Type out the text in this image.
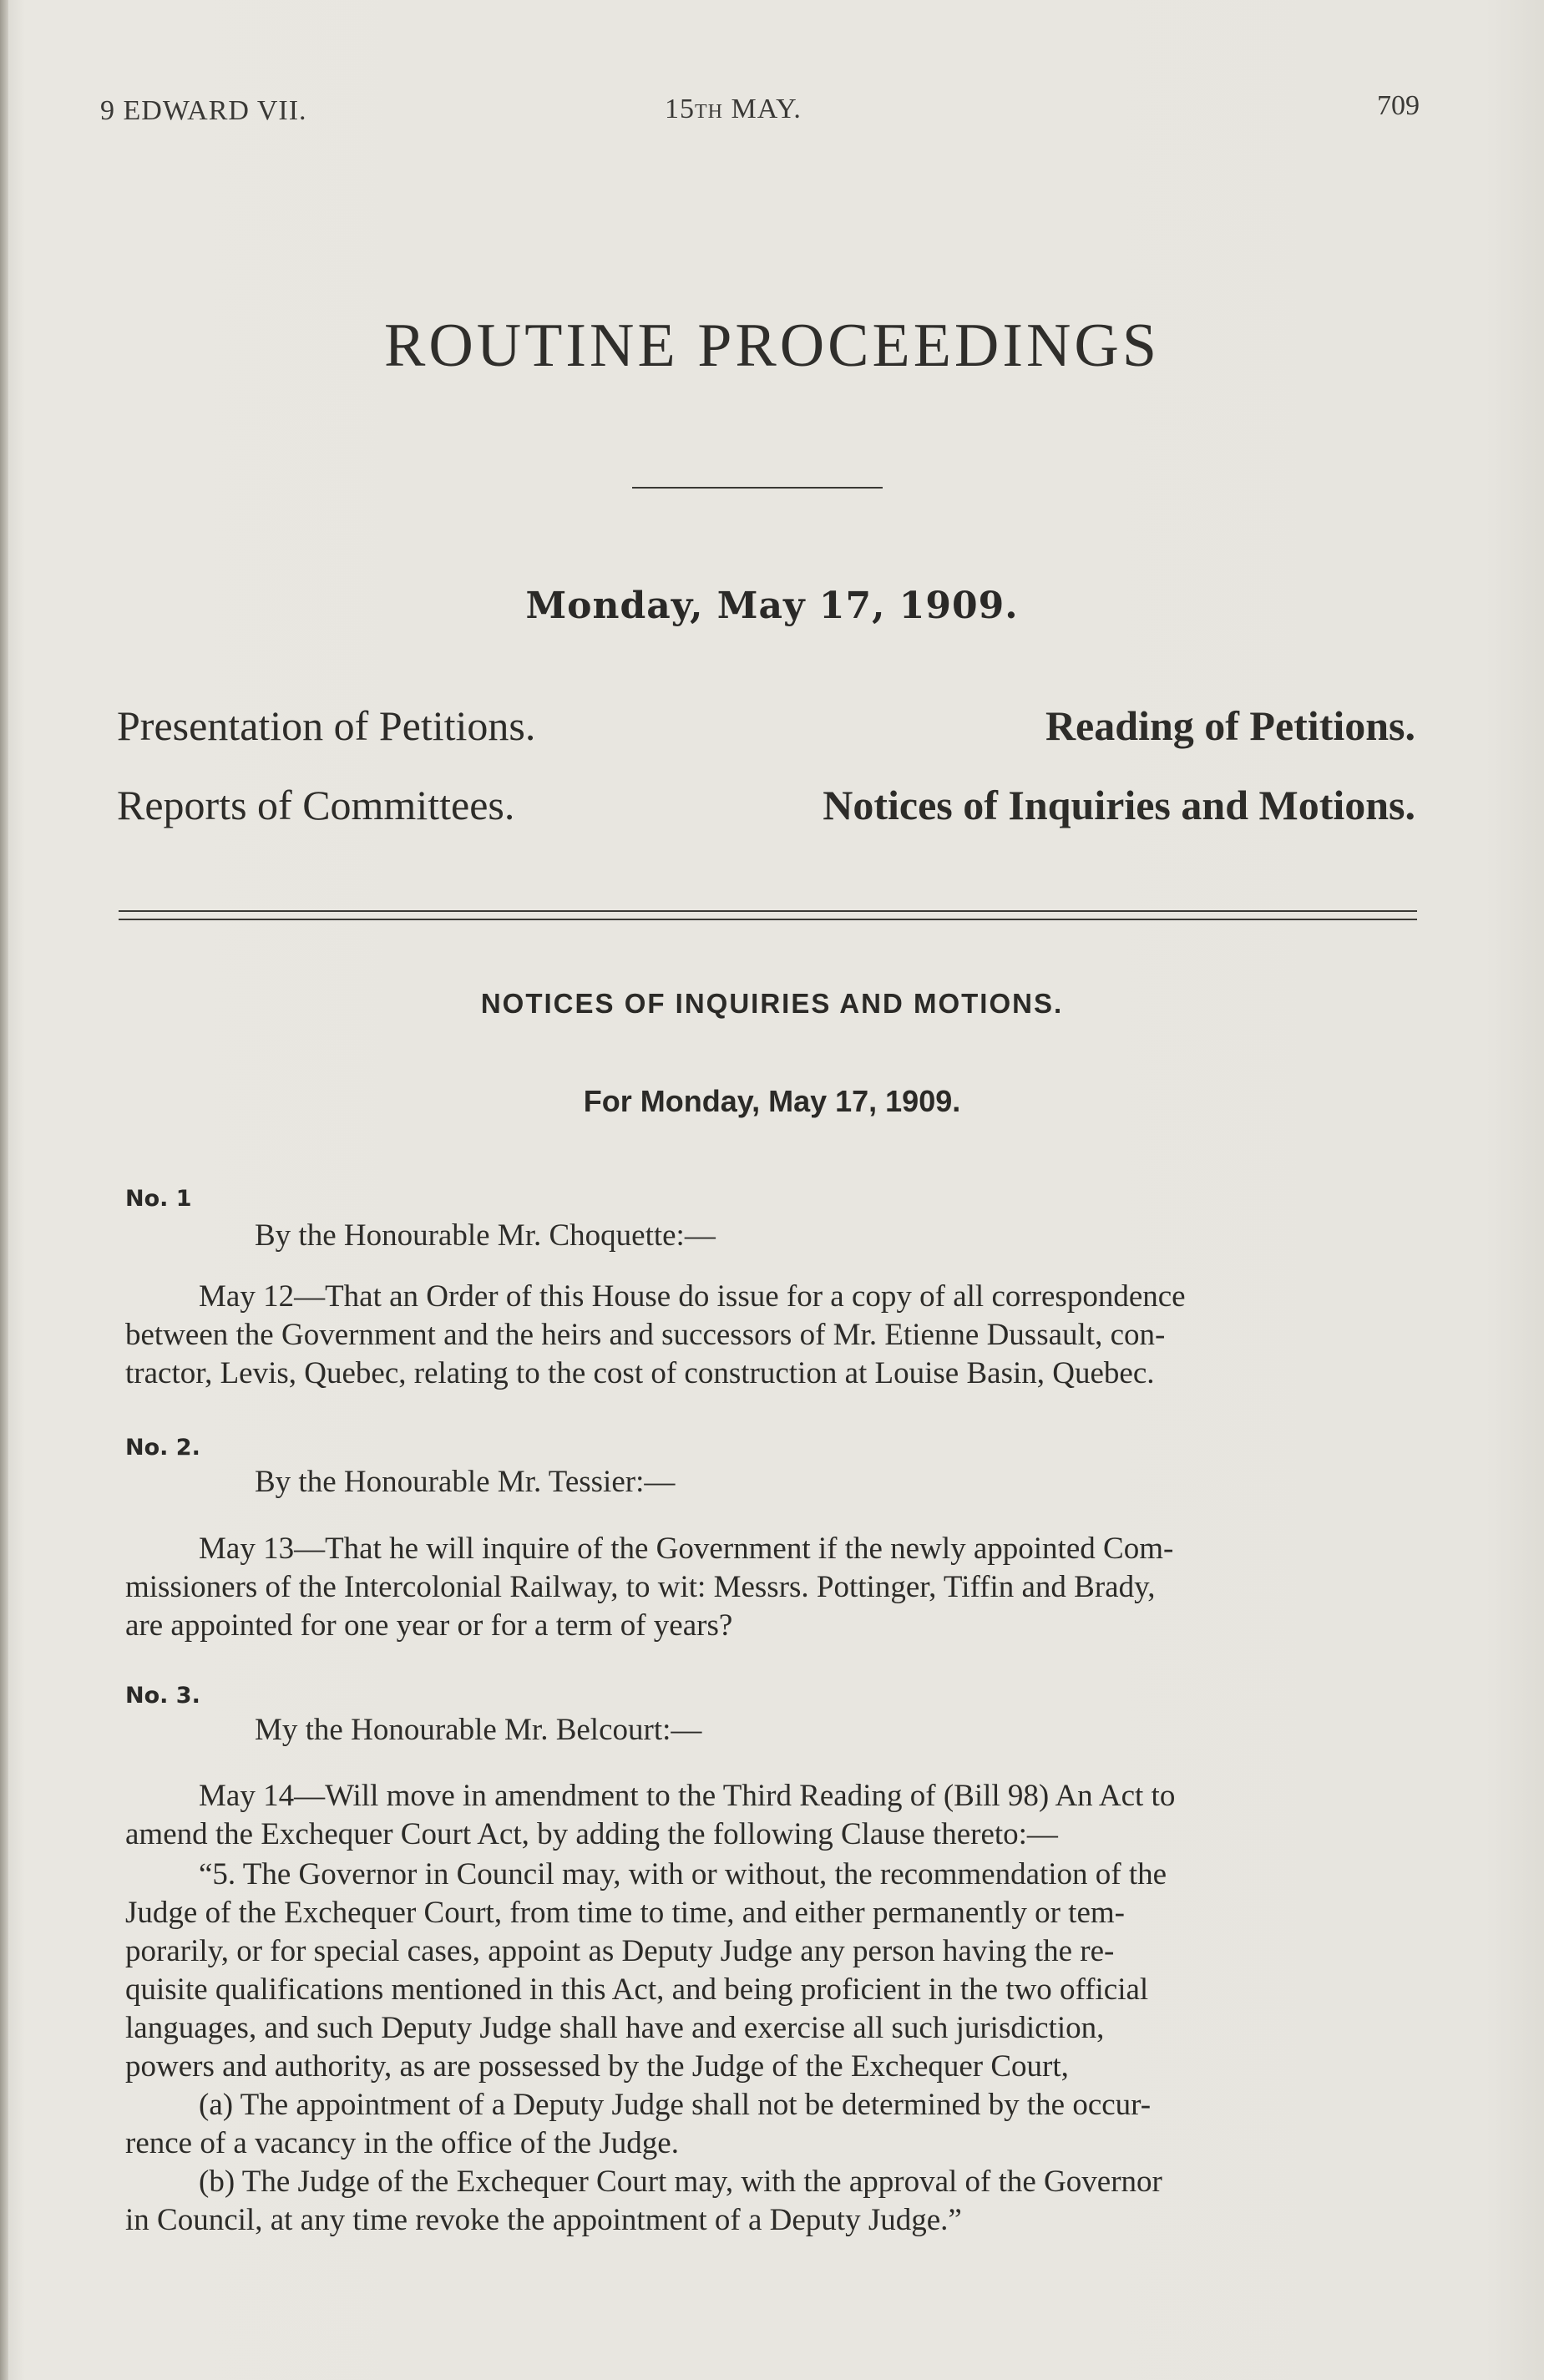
9 EDWARD VII.	15TH MAY.	709
ROUTINE PROCEEDINGS
Monday, May 17, 1909.
Presentation of Petitions.	Reading of Petitions.
Reports of Committees.	Notices of Inquiries and Motions.
NOTICES OF INQUIRIES AND MOTIONS.
For Monday, May 17, 1909.
No. 1
By the Honourable Mr. Choquette:—
May 12—That an Order of this House do issue for a copy of all correspondence
between the Government and the heirs and successors of Mr. Etienne Dussault, con-
tractor, Levis, Quebec, relating to the cost of construction at Louise Basin, Quebec.
No. 2.
By the Honourable Mr. Tessier:—
May 13—That he will inquire of the Government if the newly appointed Com-
missioners of the Intercolonial Railway, to wit: Messrs. Pottinger, Tiffin and Brady,
are appointed for one year or for a term of years?
No. 3.
My the Honourable Mr. Belcourt:—
May 14—Will move in amendment to the Third Reading of (Bill 98) An Act to
amend the Exchequer Court Act, by adding the following Clause thereto:—
“5. The Governor in Council may, with or without, the recommendation of the
Judge of the Exchequer Court, from time to time, and either permanently or tem-
porarily, or for special cases, appoint as Deputy Judge any person having the re-
quisite qualifications mentioned in this Act, and being proficient in the two official
languages, and such Deputy Judge shall have and exercise all such jurisdiction,
powers and authority, as are possessed by the Judge of the Exchequer Court,
(a) The appointment of a Deputy Judge shall not be determined by the occur-
rence of a vacancy in the office of the Judge.
(b) The Judge of the Exchequer Court may, with the approval of the Governor
in Council, at any time revoke the appointment of a Deputy Judge.”
